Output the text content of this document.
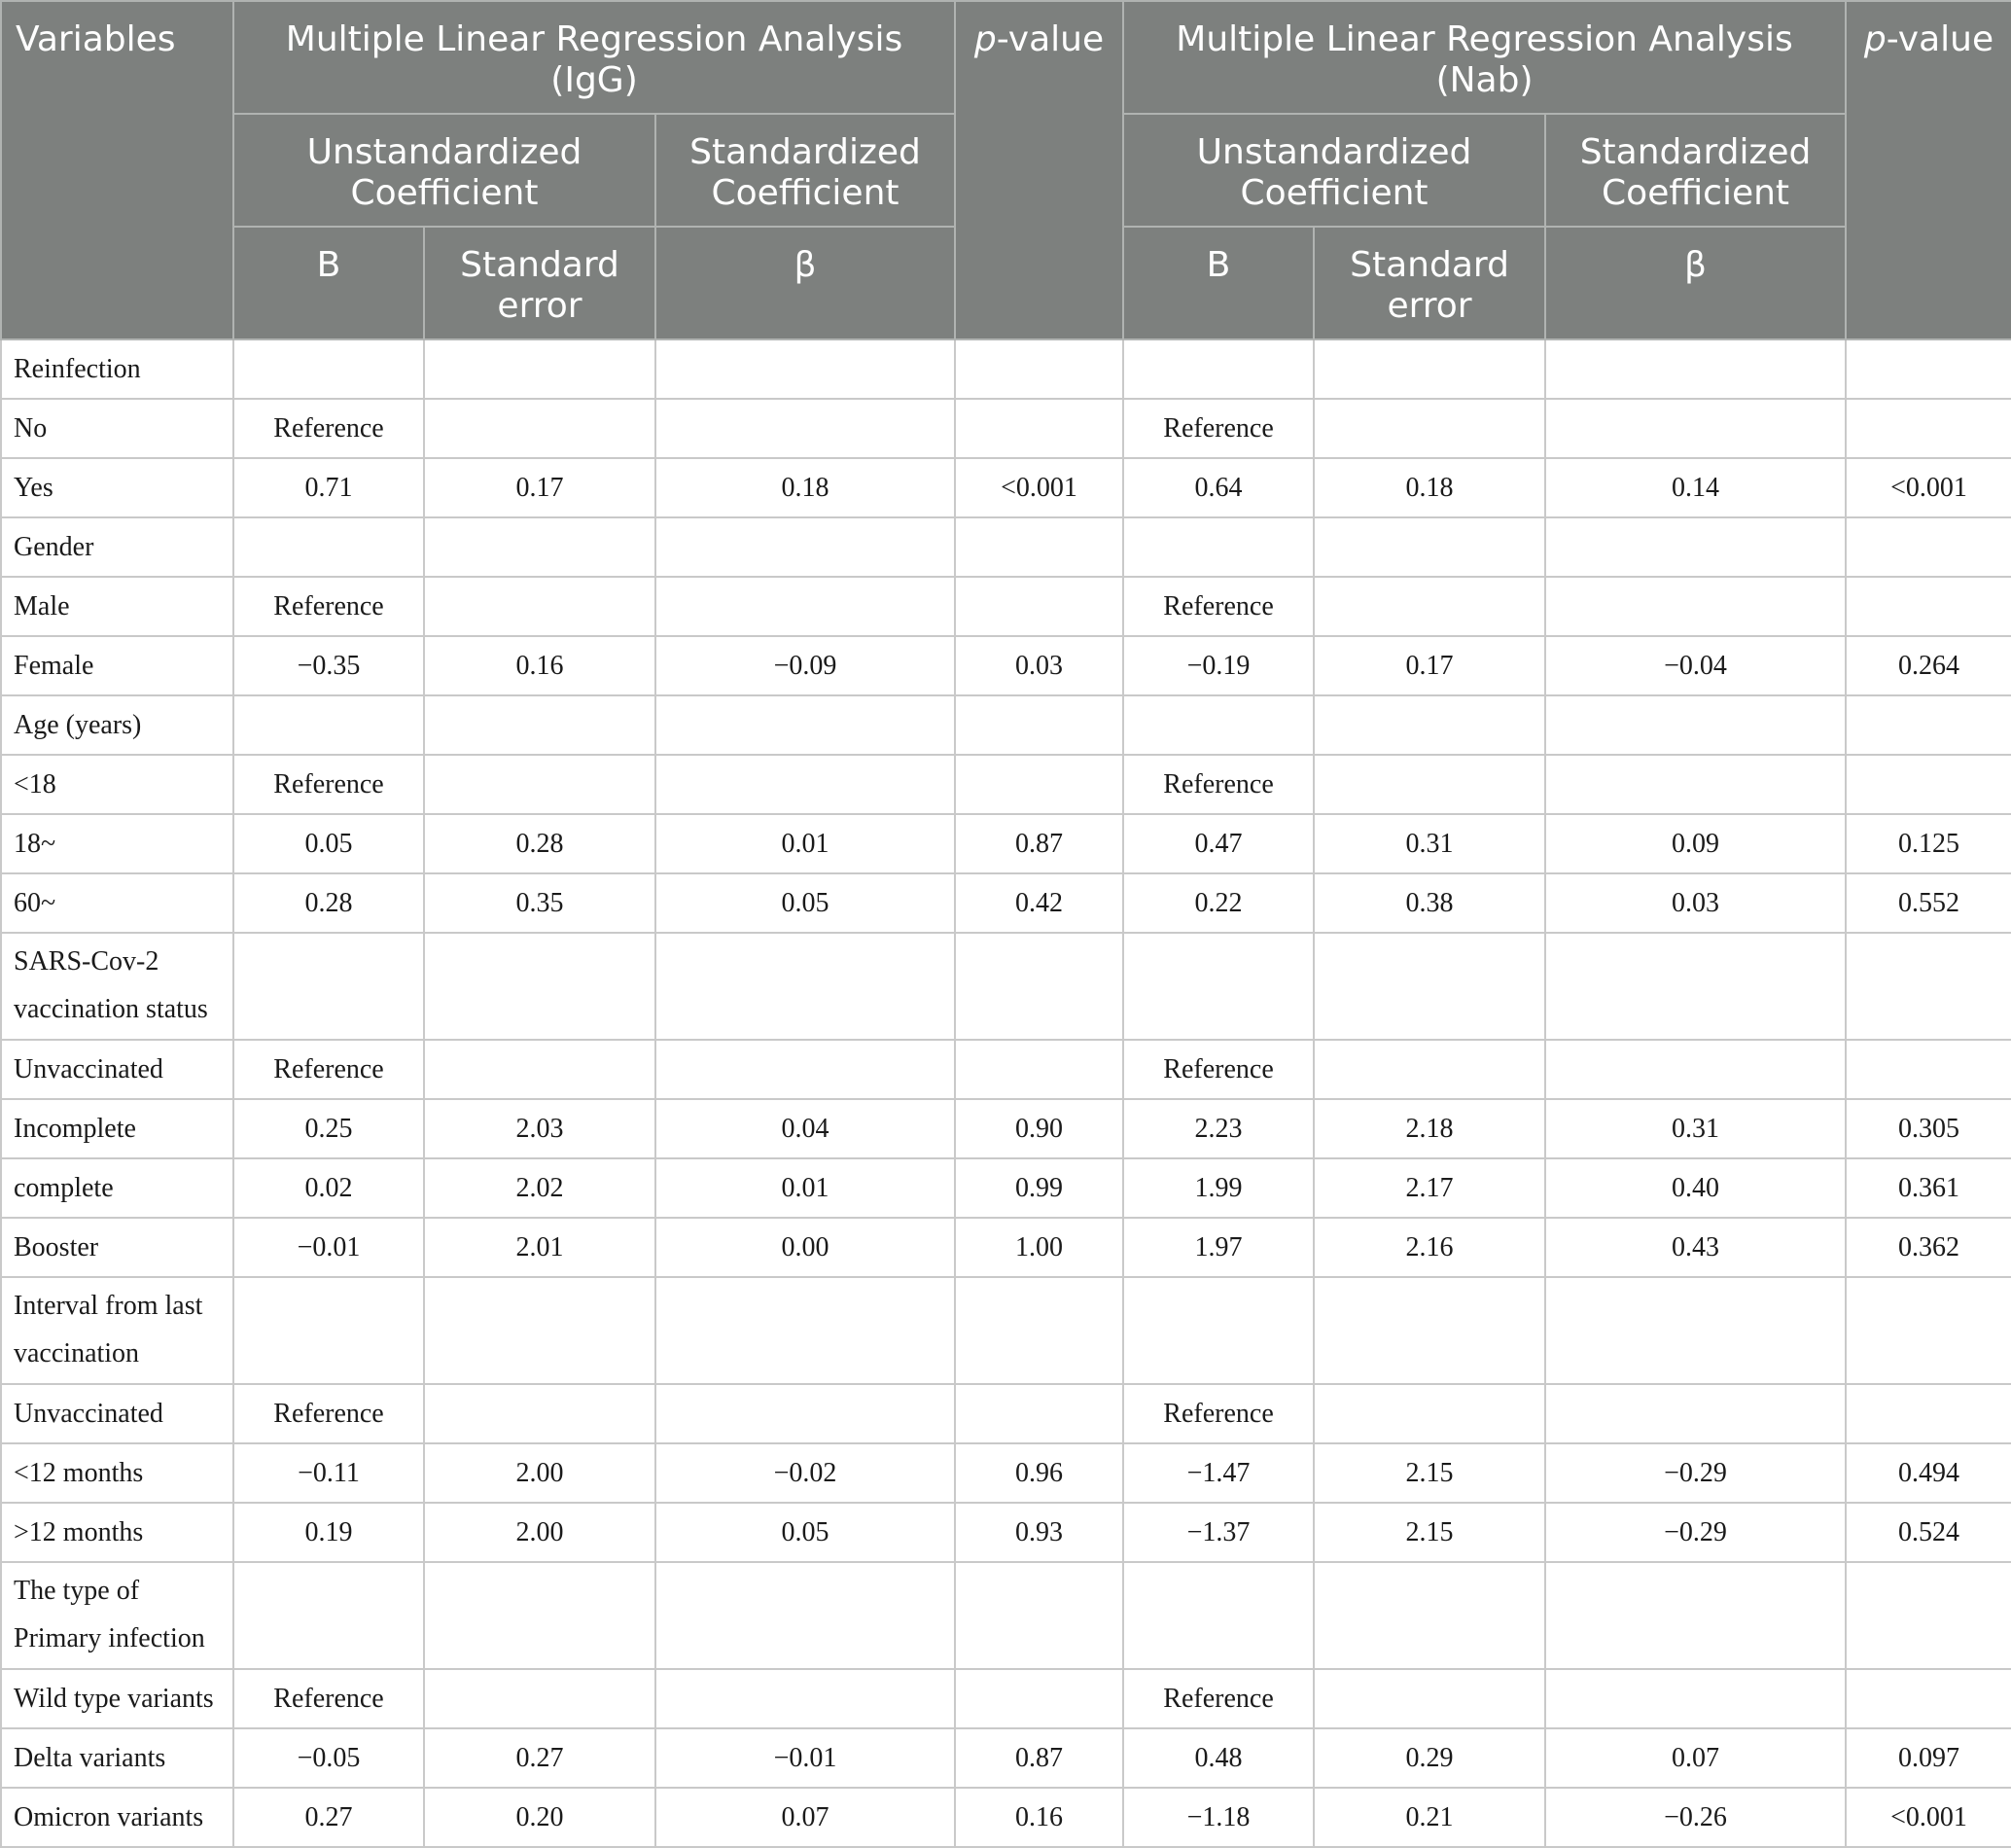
Variables	Multiple Linear Regression Analysis (IgG)			p-value	Multiple Linear Regression Analysis (Nab)			p-value
	Unstandardized Coefficient		Standardized Coefficient		Unstandardized Coefficient		Standardized Coefficient	
	B	Standard error	β		B	Standard error	β	
Reinfection								
No	Reference				Reference			
Yes	0.71	0.17	0.18	<0.001	0.64	0.18	0.14	<0.001
Gender								
Male	Reference				Reference			
Female	−0.35	0.16	−0.09	0.03	−0.19	0.17	−0.04	0.264
Age (years)								
<18	Reference				Reference			
18~	0.05	0.28	0.01	0.87	0.47	0.31	0.09	0.125
60~	0.28	0.35	0.05	0.42	0.22	0.38	0.03	0.552
SARS-Cov-2 vaccination status								
Unvaccinated	Reference				Reference			
Incomplete	0.25	2.03	0.04	0.90	2.23	2.18	0.31	0.305
complete	0.02	2.02	0.01	0.99	1.99	2.17	0.40	0.361
Booster	−0.01	2.01	0.00	1.00	1.97	2.16	0.43	0.362
Interval from last vaccination								
Unvaccinated	Reference				Reference			
<12 months	−0.11	2.00	−0.02	0.96	−1.47	2.15	−0.29	0.494
>12 months	0.19	2.00	0.05	0.93	−1.37	2.15	−0.29	0.524
The type of Primary infection								
Wild type variants	Reference				Reference			
Delta variants	−0.05	0.27	−0.01	0.87	0.48	0.29	0.07	0.097
Omicron variants	0.27	0.20	0.07	0.16	−1.18	0.21	−0.26	<0.001
